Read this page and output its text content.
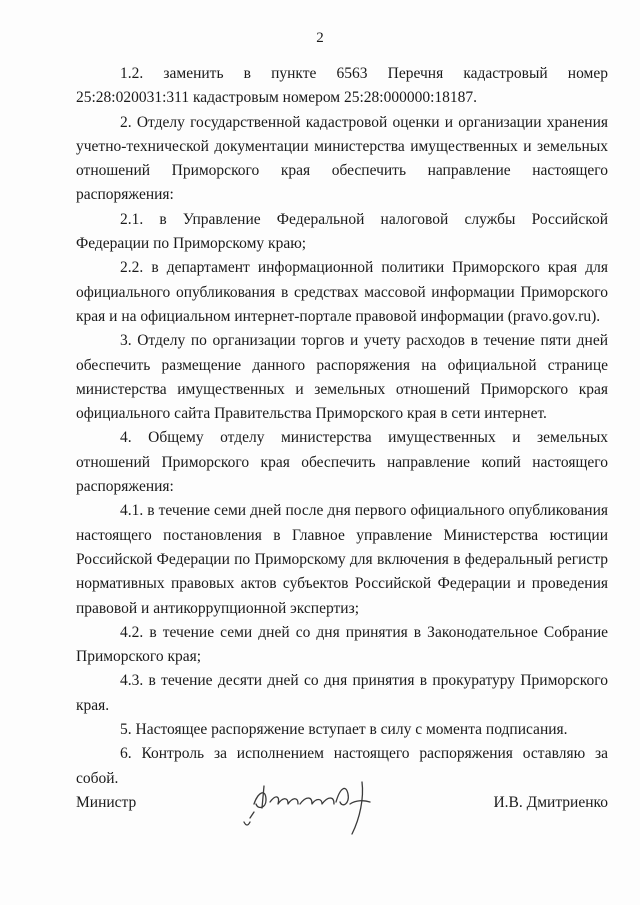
2

1.2. заменить в пункте 6563 Перечня кадастровый номер 25:28:020031:311 кадастровым номером 25:28:000000:18187.

2. Отделу государственной кадастровой оценки и организации хранения учетно-технической документации министерства имущественных и земельных отношений Приморского края обеспечить направление настоящего распоряжения:

2.1. в Управление Федеральной налоговой службы Российской Федерации по Приморскому краю;

2.2. в департамент информационной политики Приморского края для официального опубликования в средствах массовой информации Приморского края и на официальном интернет-портале правовой информации (pravo.gov.ru).

3. Отделу по организации торгов и учету расходов в течение пяти дней обеспечить размещение данного распоряжения на официальной странице министерства имущественных и земельных отношений Приморского края официального сайта Правительства Приморского края в сети интернет.

4. Общему отделу министерства имущественных и земельных отношений Приморского края обеспечить направление копий настоящего распоряжения:

4.1. в течение семи дней после дня первого официального опубликования настоящего постановления в Главное управление Министерства юстиции Российской Федерации по Приморскому для включения в федеральный регистр нормативных правовых актов субъектов Российской Федерации и проведения правовой и антикоррупционной экспертиз;

4.2. в течение семи дней со дня принятия в Законодательное Собрание Приморского края;

4.3. в течение десяти дней со дня принятия в прокуратуру Приморского края.

5. Настоящее распоряжение вступает в силу с момента подписания.

6. Контроль за исполнением настоящего распоряжения оставляю за собой.

Министр	И.В. Дмитриенко
